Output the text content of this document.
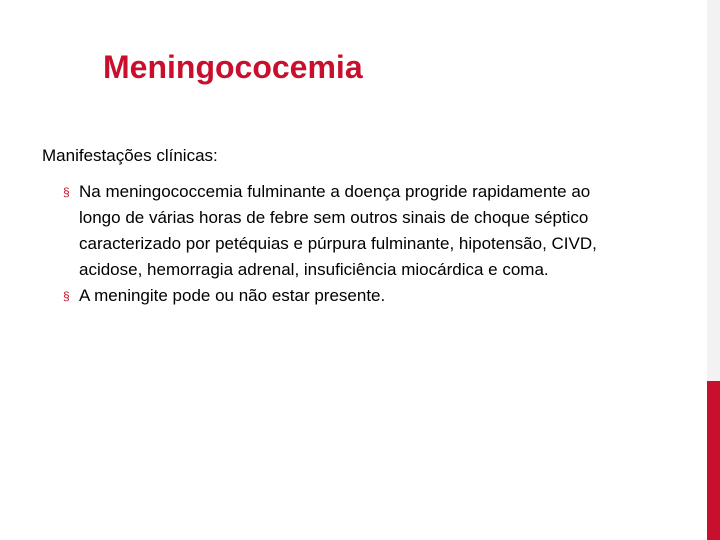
Meningococemia
Manifestações clínicas:
§ Na meningococcemia fulminante a doença progride rapidamente ao longo de várias horas de febre sem outros sinais de choque séptico caracterizado por petéquias e púrpura fulminante, hipotensão, CIVD, acidose, hemorragia adrenal, insuficiência miocárdica e coma.
§ A meningite pode ou não estar presente.
